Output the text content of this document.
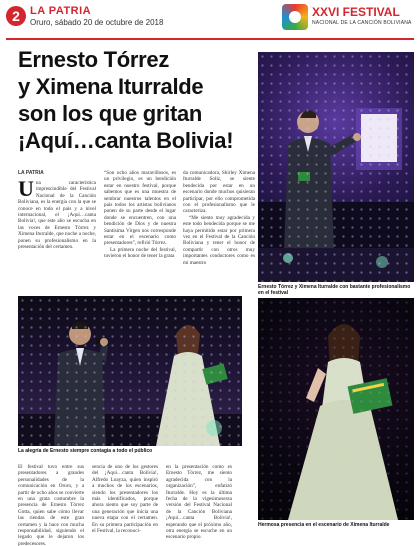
2 LA PATRIA
Oruro, sábado 20 de octubre de 2018
XXVI FESTIVAL
NACIONAL DE LA CANCIÓN BOLIVIANA
Ernesto Tórrez
y Ximena Iturralde
son los que gritan
¡Aquí…canta Bolivia!
LA PATRIA
U na característica imprescindible del Festival Nacional de la Canción Boliviana, es la energía con la que se conoce en todo el país y a nivel internacional, el ¡Aquí…canta Bolivia!, que este año se escucha en las voces de Ernesto Tórrez y Ximena Iturralde, que noche a noche, ponen su profesionalismo en la presentación del certamen.

“Son ocho años maravillosos, es un privilegio, es un bendición estar en nuestro festival, porque sabemos que es una muestra de sembrar nuestros talentos en el país todos los artistas bolivianos ponen de su parte desde el lugar donde se encuentren, con una bendición de Dios y de nuestra Santísima Virgen nos corresponde estar en el escenario como presentadores”, refirió Tórrez.

La primera noche del festival, tuvieron el honor de tener la grata

da comunicadora, Shirley Ximena Iturralde Solíz, se siente bendecida por estar en un escenario donde muchos quisieran participar, por ello comprometida con el profesionalismo que le caracteriza.

“Me siento muy agradecida y este todo bendecida porque se me haya permitido estar por primera vez en el Festival de la Canción Boliviana y tener el honor de compartir con otros muy importantes conductores como es mi maestro

Ernesto Tórrez y Ximena Iturralde con bastante profesionalismo en el festival
La alegría de Ernesto siempre contagia a todo el público
Hermosa presencia en el escenario de Ximena Iturralde
El festival tuvo entre sus presentadores a grandes personalidades de la comunicación en Oruro, y a partir de ocho años se convierte en una grata costumbre la presencia de Ernesto Tórrez Gotta, quien sabe cómo llevar las riendas de este gran certamen y la hace con mucha responsabilidad, siguiendo el legado que le dejaron los predecesores.
sencia de uno de los gestores del ¡Aquí…canta Bolivia!, Alfredo Loayza, quien inspiró a muchos de los escenarios, siendo los presentadores los más identificados, porque ahora siento que soy parte de una generación que inicia una nueva etapa con el certamen. En su primera participación en el Festival, la reconoci-
en la presentación como es Ernesto Tórrez, me siento agradecida con la organización”, enfatizó Iturralde. Hoy es la última fecha de la vigesimosexta versión del Festival Nacional de la Canción Boliviana ¡Aquí…canta Bolivia!, esperando que el próximo año, otra energía se escuche en un escenario propio.
